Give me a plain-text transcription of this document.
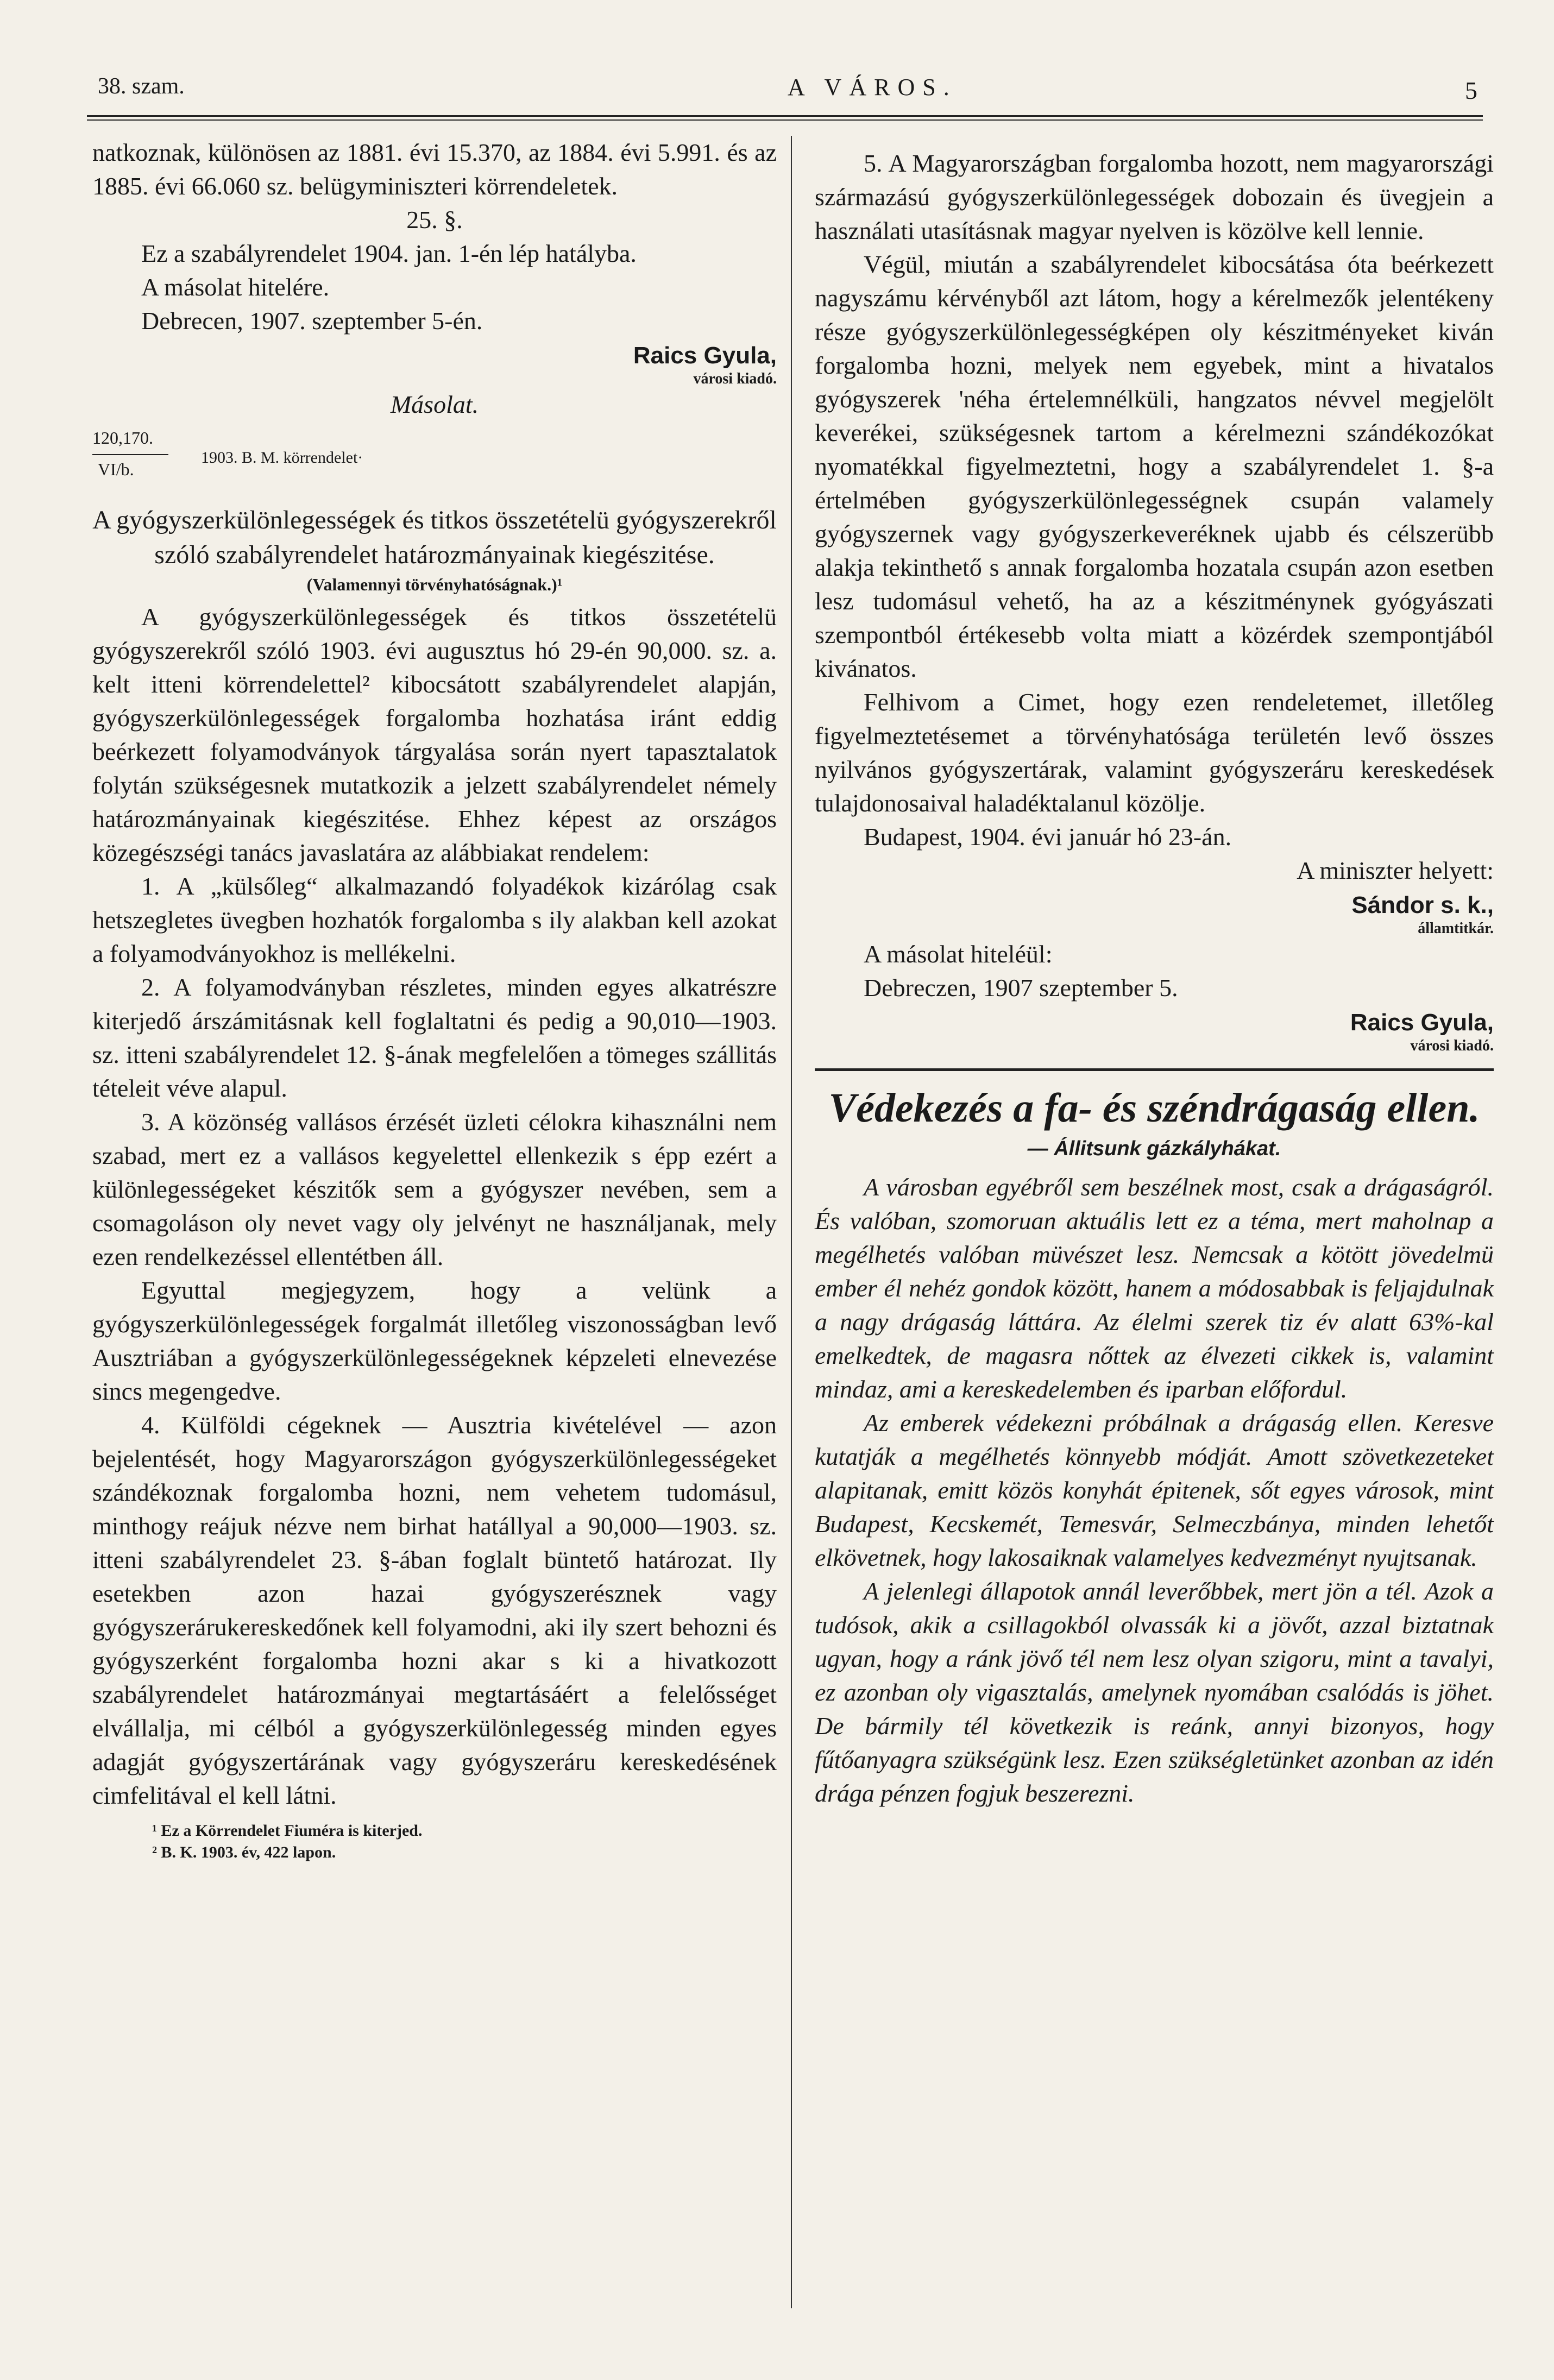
38. szam.	A VÁROS.	5

natkoznak, különösen az 1881. évi 15.370, az 1884. évi 5.991. és az 1885. évi 66.060 sz. belügyminiszteri körrendeletek.

25. §.

Ez a szabályrendelet 1904. jan. 1-én lép hatályba.

A másolat hitelére.

Debrecen, 1907. szeptember 5-én.

Raics Gyula,
városi kiadó.

Másolat.

120,170.
VI/b.
1903. B. M. körrendelet·

A gyógyszerkülönlegességek és titkos összetételü gyógyszerekről szóló szabályrendelet határozmányainak kiegészitése.

(Valamennyi törvényhatóságnak.)¹

A gyógyszerkülönlegességek és titkos összetételü gyógyszerekről szóló 1903. évi augusztus hó 29-én 90,000. sz. a. kelt itteni körrendelettel² kibocsátott szabályrendelet alapján, gyógyszerkülönlegességek forgalomba hozhatása iránt eddig beérkezett folyamodványok tárgyalása során nyert tapasztalatok folytán szükségesnek mutatkozik a jelzett szabályrendelet némely határozmányainak kiegészitése. Ehhez képest az országos közegészségi tanács javaslatára az alábbiakat rendelem:

1. A „külsőleg“ alkalmazandó folyadékok kizárólag csak hetszegletes üvegben hozhatók forgalomba s ily alakban kell azokat a folyamodványokhoz is mellékelni.

2. A folyamodványban részletes, minden egyes alkatrészre kiterjedő árszámitásnak kell foglaltatni és pedig a 90,010—1903. sz. itteni szabályrendelet 12. §-ának megfelelően a tömeges szállitás tételeit véve alapul.

3. A közönség vallásos érzését üzleti célokra kihasználni nem szabad, mert ez a vallásos kegyelettel ellenkezik s épp ezért a különlegességeket készitők sem a gyógyszer nevében, sem a csomagoláson oly nevet vagy oly jelvényt ne használjanak, mely ezen rendelkezéssel ellentétben áll.

Egyuttal megjegyzem, hogy a velünk a gyógyszerkülönlegességek forgalmát illetőleg viszonosságban levő Ausztriában a gyógyszerkülönlegességeknek képzeleti elnevezése sincs megengedve.

4. Külföldi cégeknek — Ausztria kivételével — azon bejelentését, hogy Magyarországon gyógyszerkülönlegességeket szándékoznak forgalomba hozni, nem vehetem tudomásul, minthogy reájuk nézve nem birhat hatállyal a 90,000—1903. sz. itteni szabályrendelet 23. §-ában foglalt büntető határozat. Ily esetekben azon hazai gyógyszerésznek vagy gyógyszerárukereskedőnek kell folyamodni, aki ily szert behozni és gyógyszerként forgalomba hozni akar s ki a hivatkozott szabályrendelet határozmányai megtartásáért a felelősséget elvállalja, mi célból a gyógyszerkülönlegesség minden egyes adagját gyógyszertárának vagy gyógyszeráru kereskedésének cimfelitával el kell látni.

¹ Ez a Körrendelet Fiuméra is kiterjed.

² B. K. 1903. év, 422 lapon.

5. A Magyarországban forgalomba hozott, nem magyarországi származású gyógyszerkülönlegességek dobozain és üvegjein a használati utasításnak magyar nyelven is közölve kell lennie.

Végül, miután a szabályrendelet kibocsátása óta beérkezett nagyszámu kérvényből azt látom, hogy a kérelmezők jelentékeny része gyógyszerkülönlegességképen oly készitményeket kiván forgalomba hozni, melyek nem egyebek, mint a hivatalos gyógyszerek 'néha értelemnélküli, hangzatos névvel megjelölt keverékei, szükségesnek tartom a kérelmezni szándékozókat nyomatékkal figyelmeztetni, hogy a szabályrendelet 1. §-a értelmében gyógyszerkülönlegességnek csupán valamely gyógyszernek vagy gyógyszerkeveréknek ujabb és célszerübb alakja tekinthető s annak forgalomba hozatala csupán azon esetben lesz tudomásul vehető, ha az a készitménynek gyógyászati szempontból értékesebb volta miatt a közérdek szempontjából kivánatos.

Felhivom a Cimet, hogy ezen rendeletemet, illetőleg figyelmeztetésemet a törvényhatósága területén levő összes nyilvános gyógyszertárak, valamint gyógyszeráru kereskedések tulajdonosaival haladéktalanul közölje.

Budapest, 1904. évi január hó 23-án.

A miniszter helyett:

Sándor s. k.,
államtitkár.

A másolat hiteléül:

Debreczen, 1907 szeptember 5.

Raics Gyula,
városi kiadó.

Védekezés a fa- és széndrágaság ellen.

— Állitsunk gázkályhákat.

A városban egyébről sem beszélnek most, csak a drágaságról. És valóban, szomoruan aktuális lett ez a téma, mert maholnap a megélhetés valóban müvészet lesz. Nemcsak a kötött jövedelmü ember él nehéz gondok között, hanem a módosabbak is feljajdulnak a nagy drágaság láttára. Az élelmi szerek tiz év alatt 63%-kal emelkedtek, de magasra nőttek az élvezeti cikkek is, valamint mindaz, ami a kereskedelemben és iparban előfordul.

Az emberek védekezni próbálnak a drágaság ellen. Keresve kutatják a megélhetés könnyebb módját. Amott szövetkezeteket alapitanak, emitt közös konyhát épitenek, sőt egyes városok, mint Budapest, Kecskemét, Temesvár, Selmeczbánya, minden lehetőt elkövetnek, hogy lakosaiknak valamelyes kedvezményt nyujtsanak.

A jelenlegi állapotok annál leverőbbek, mert jön a tél. Azok a tudósok, akik a csillagokból olvassák ki a jövőt, azzal biztatnak ugyan, hogy a ránk jövő tél nem lesz olyan szigoru, mint a tavalyi, ez azonban oly vigasztalás, amelynek nyomában csalódás is jöhet. De bármily tél következik is reánk, annyi bizonyos, hogy fűtőanyagra szükségünk lesz. Ezen szükségletünket azonban az idén drága pénzen fogjuk beszerezni.
